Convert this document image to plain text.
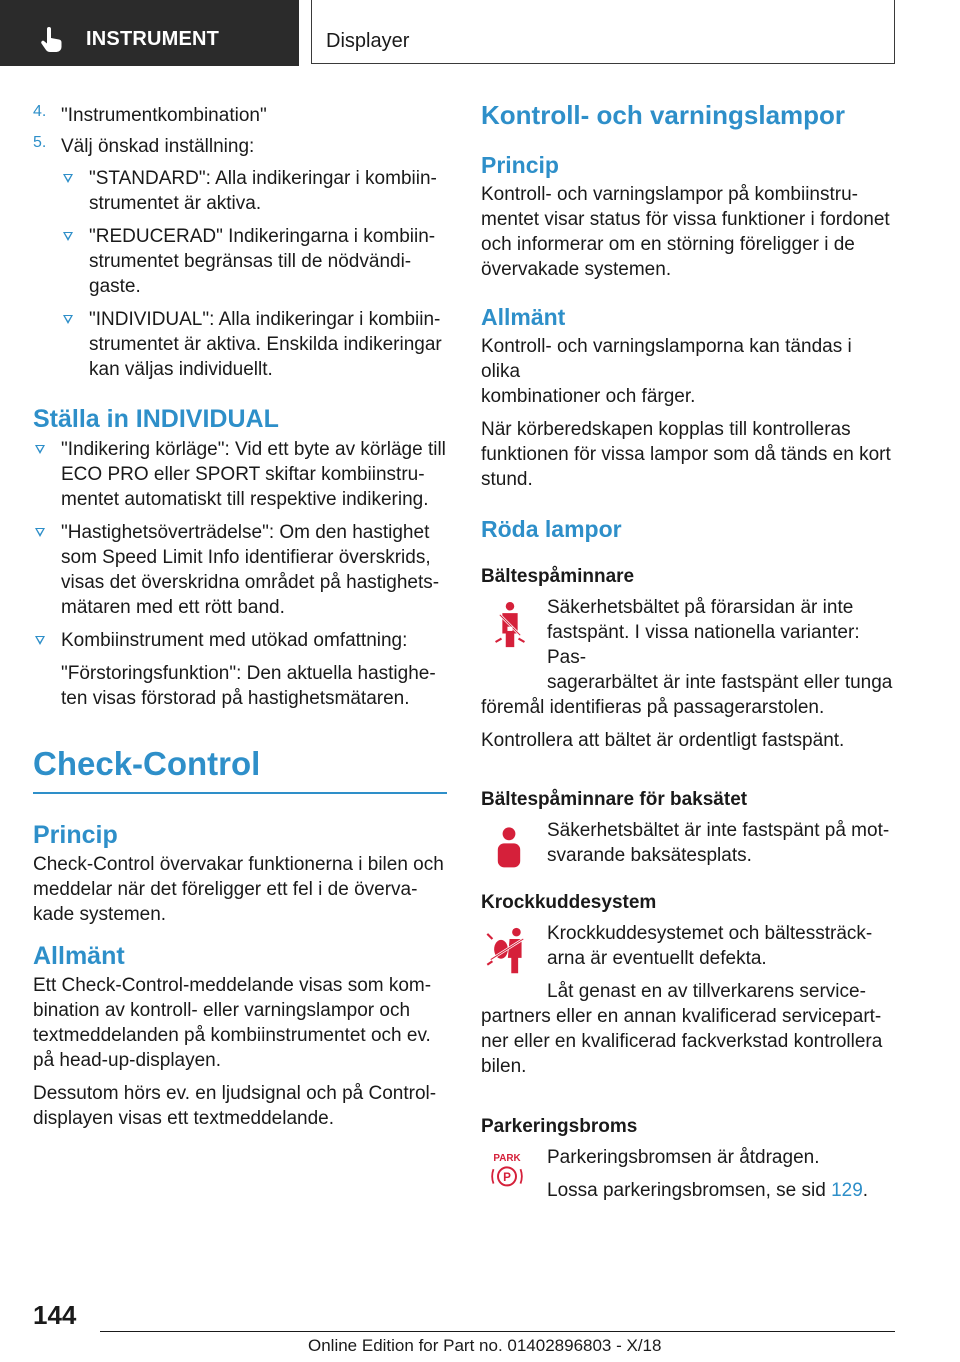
INSTRUMENT	Displayer
4. "Instrumentkombination"

5. Välj önskad inställning:

"STANDARD": Alla indikeringar i kombiin-

strumentet är aktiva.

"REDUCERAD" Indikeringarna i kombiin-

strumentet begränsas till de nödvändi-

gaste.

"INDIVIDUAL": Alla indikeringar i kombiin-

strumentet är aktiva. Enskilda indikeringar

kan väljas individuellt.

Ställa in INDIVIDUAL

"Indikering körläge": Vid ett byte av körläge till

ECO PRO eller SPORT skiftar kombiinstru-

mentet automatiskt till respektive indikering.

"Hastighetsöverträdelse": Om den hastighet

som Speed Limit Info identifierar överskrids,

visas det överskridna området på hastighets-

mätaren med ett rött band.

Kombiinstrument med utökad omfattning:

"Förstoringsfunktion": Den aktuella hastighe-

ten visas förstorad på hastighetsmätaren.

Check-Control
Princip

Check-Control övervakar funktionerna i bilen och

meddelar när det föreligger ett fel i de överva-

kade systemen.

Allmänt

Ett Check-Control-meddelande visas som kom-

bination av kontroll- eller varningslampor och

textmeddelanden på kombiinstrumentet och ev.

på head-up-displayen.

Dessutom hörs ev. en ljudsignal och på Control-

displayen visas ett textmeddelande.

Kontroll- och varningslampor
Princip

Kontroll- och varningslampor på kombiinstru-

mentet visar status för vissa funktioner i fordonet

och informerar om en störning föreligger i de

övervakade systemen.

Allmänt

Kontroll- och varningslamporna kan tändas i olika

kombinationer och färger.

När körberedskapen kopplas till kontrolleras

funktionen för vissa lampor som då tänds en kort

stund.

Röda lampor
Bältespåminnare

Säkerhetsbältet på förarsidan är inte

fastspänt. I vissa nationella varianter: Pas-

sagerarbältet är inte fastspänt eller tunga

föremål identifieras på passagerarstolen.

Kontrollera att bältet är ordentligt fastspänt.

Bältespåminnare för baksätet

Säkerhetsbältet är inte fastspänt på mot-

svarande baksätesplats.

Krockkuddesystem

Krockkuddesystemet och bältessträck-

arna är eventuellt defekta.

Låt genast en av tillverkarens service-

partners eller en annan kvalificerad servicepart-

ner eller en kvalificerad fackverkstad kontrollera

bilen.

Parkeringsbroms
PARK
P

Parkeringsbromsen är åtdragen.

Lossa parkeringsbromsen, se sid 129.

144
Online Edition for Part no. 01402896803 - X/18
